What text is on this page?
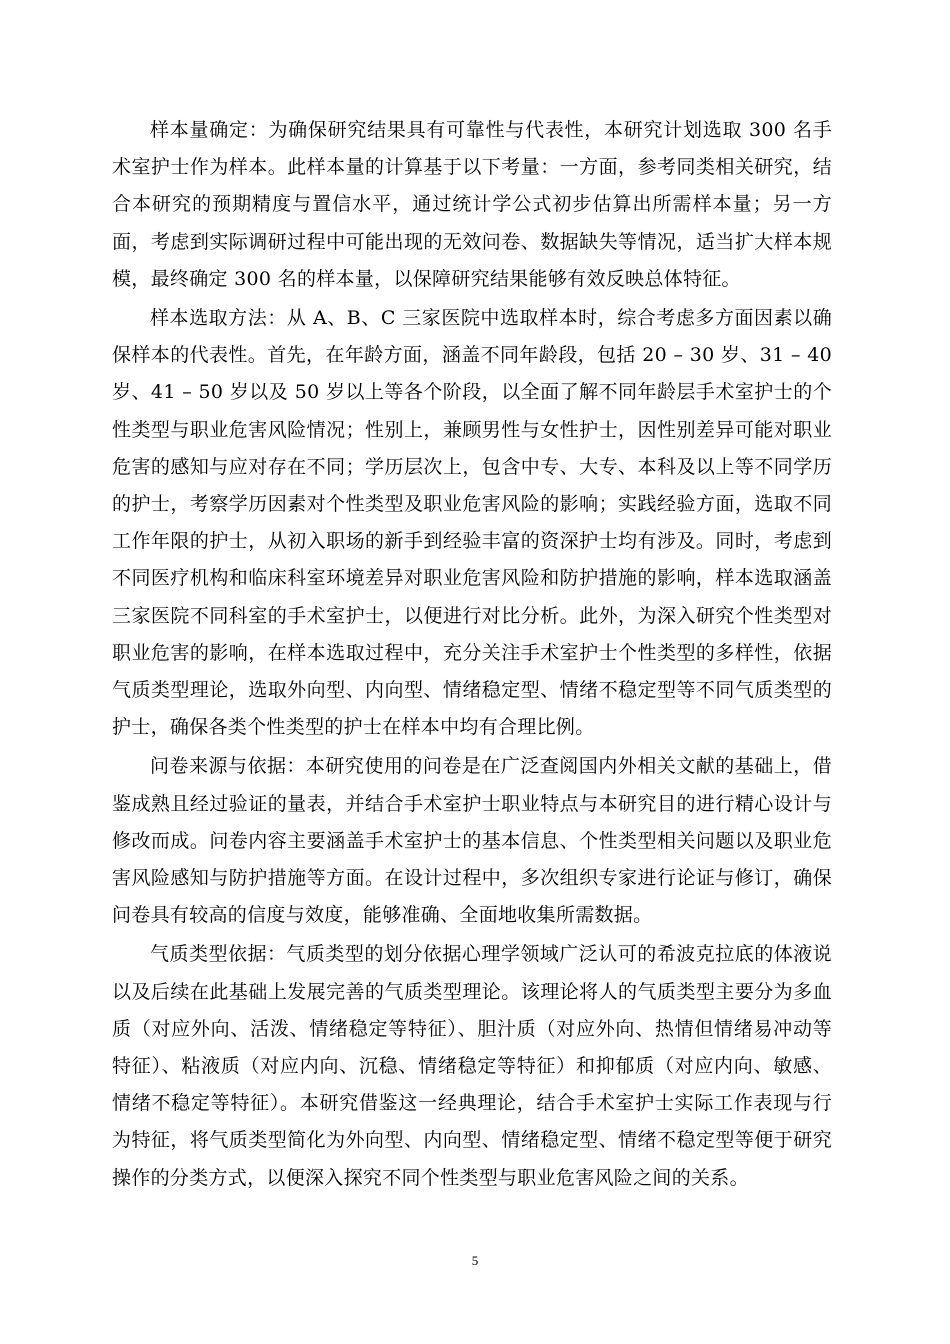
样本量确定：为确保研究结果具有可靠性与代表性，本研究计划选取 300 名手术室护士作为样本。此样本量的计算基于以下考量：一方面，参考同类相关研究，结合本研究的预期精度与置信水平，通过统计学公式初步估算出所需样本量；另一方面，考虑到实际调研过程中可能出现的无效问卷、数据缺失等情况，适当扩大样本规模，最终确定 300 名的样本量，以保障研究结果能够有效反映总体特征。

样本选取方法：从 A、B、C 三家医院中选取样本时，综合考虑多方面因素以确保样本的代表性。首先，在年龄方面，涵盖不同年龄段，包括 20 – 30 岁、31 – 40 岁、41 – 50 岁以及 50 岁以上等各个阶段，以全面了解不同年龄层手术室护士的个性类型与职业危害风险情况；性别上，兼顾男性与女性护士，因性别差异可能对职业危害的感知与应对存在不同；学历层次上，包含中专、大专、本科及以上等不同学历的护士，考察学历因素对个性类型及职业危害风险的影响；实践经验方面，选取不同工作年限的护士，从初入职场的新手到经验丰富的资深护士均有涉及。同时，考虑到不同医疗机构和临床科室环境差异对职业危害风险和防护措施的影响，样本选取涵盖三家医院不同科室的手术室护士，以便进行对比分析。此外，为深入研究个性类型对职业危害的影响，在样本选取过程中，充分关注手术室护士个性类型的多样性，依据气质类型理论，选取外向型、内向型、情绪稳定型、情绪不稳定型等不同气质类型的护士，确保各类个性类型的护士在样本中均有合理比例。

问卷来源与依据：本研究使用的问卷是在广泛查阅国内外相关文献的基础上，借鉴成熟且经过验证的量表，并结合手术室护士职业特点与本研究目的进行精心设计与修改而成。问卷内容主要涵盖手术室护士的基本信息、个性类型相关问题以及职业危害风险感知与防护措施等方面。在设计过程中，多次组织专家进行论证与修订，确保问卷具有较高的信度与效度，能够准确、全面地收集所需数据。

气质类型依据：气质类型的划分依据心理学领域广泛认可的希波克拉底的体液说以及后续在此基础上发展完善的气质类型理论。该理论将人的气质类型主要分为多血质（对应外向、活泼、情绪稳定等特征）、胆汁质（对应外向、热情但情绪易冲动等特征）、粘液质（对应内向、沉稳、情绪稳定等特征）和抑郁质（对应内向、敏感、情绪不稳定等特征）。本研究借鉴这一经典理论，结合手术室护士实际工作表现与行为特征，将气质类型简化为外向型、内向型、情绪稳定型、情绪不稳定型等便于研究操作的分类方式，以便深入探究不同个性类型与职业危害风险之间的关系。

5
